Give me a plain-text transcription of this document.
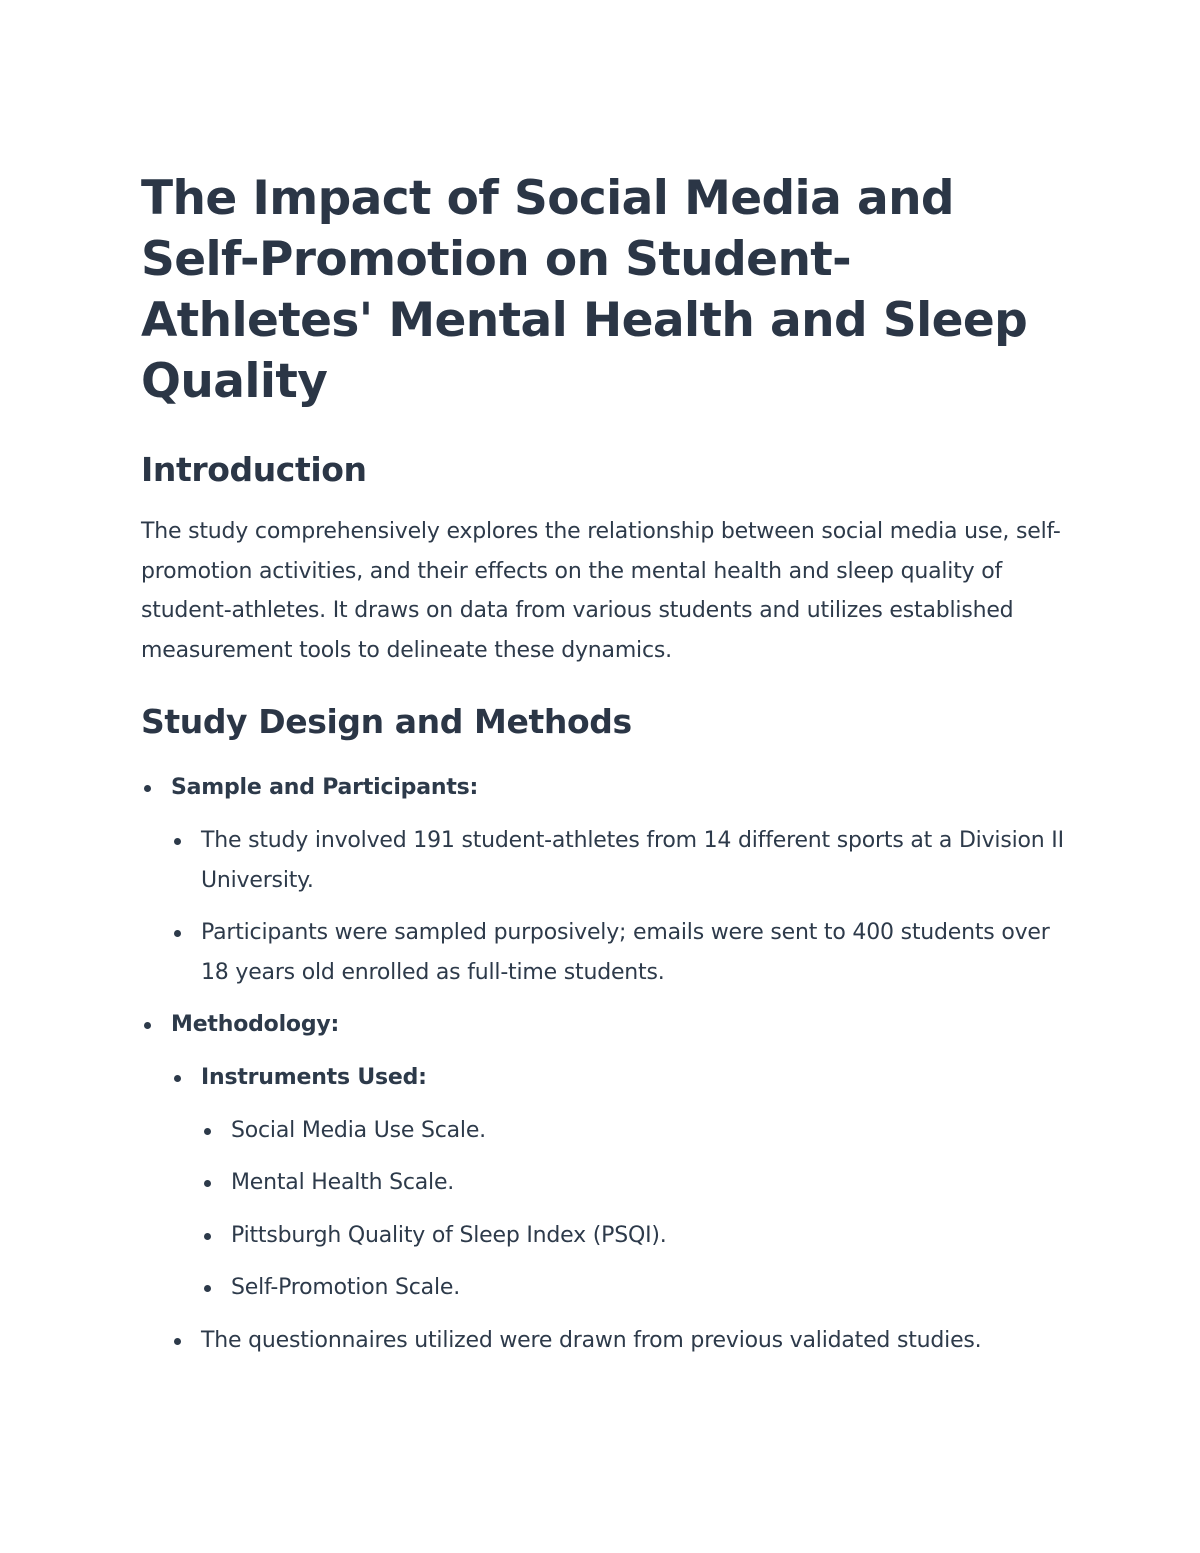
The Impact of Social Media and Self-Promotion on Student-Athletes' Mental Health and Sleep Quality
Introduction

The study comprehensively explores the relationship between social media use, self-promotion activities, and their effects on the mental health and sleep quality of student-athletes. It draws on data from various students and utilizes established measurement tools to delineate these dynamics.

Study Design and Methods
Sample and Participants:
The study involved 191 student-athletes from 14 different sports at a Division II University.
Participants were sampled purposively; emails were sent to 400 students over 18 years old enrolled as full-time students.
Methodology:
Instruments Used:
Social Media Use Scale.
Mental Health Scale.
Pittsburgh Quality of Sleep Index (PSQI).
Self-Promotion Scale.
The questionnaires utilized were drawn from previous validated studies.
